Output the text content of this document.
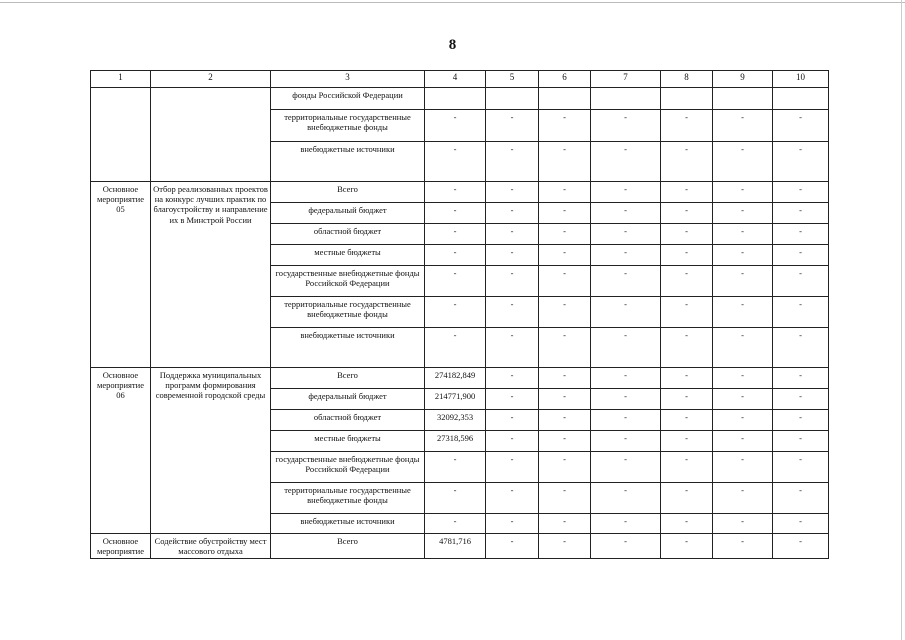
8
1	2	3	4	5	6	7	8	9	10
		фонды Российской Федерации							
		территориальные государственные внебюджетные фонды	-	-	-	-	-	-	-
		внебюджетные источники	-	-	-	-	-	-	-
Основное мероприятие 05	Отбор реализованных проектов на конкурс лучших практик по благоустройству и направление их в Минстрой России	Всего	-	-	-	-	-	-	-
		федеральный бюджет	-	-	-	-	-	-	-
		областной бюджет	-	-	-	-	-	-	-
		местные бюджеты	-	-	-	-	-	-	-
		государственные внебюджетные фонды Российской Федерации	-	-	-	-	-	-	-
		территориальные государственные внебюджетные фонды	-	-	-	-	-	-	-
		внебюджетные источники	-	-	-	-	-	-	-
Основное мероприятие 06	Поддержка муниципальных программ формирования современной городской среды	Всего	274182,849	-	-	-	-	-	-
		федеральный бюджет	214771,900	-	-	-	-	-	-
		областной бюджет	32092,353	-	-	-	-	-	-
		местные бюджеты	27318,596	-	-	-	-	-	-
		государственные внебюджетные фонды Российской Федерации	-	-	-	-	-	-	-
		территориальные государственные внебюджетные фонды	-	-	-	-	-	-	-
		внебюджетные источники	-	-	-	-	-	-	-
Основное мероприятие	Содействие обустройству мест массового отдыха	Всего	4781,716	-	-	-	-	-	-
